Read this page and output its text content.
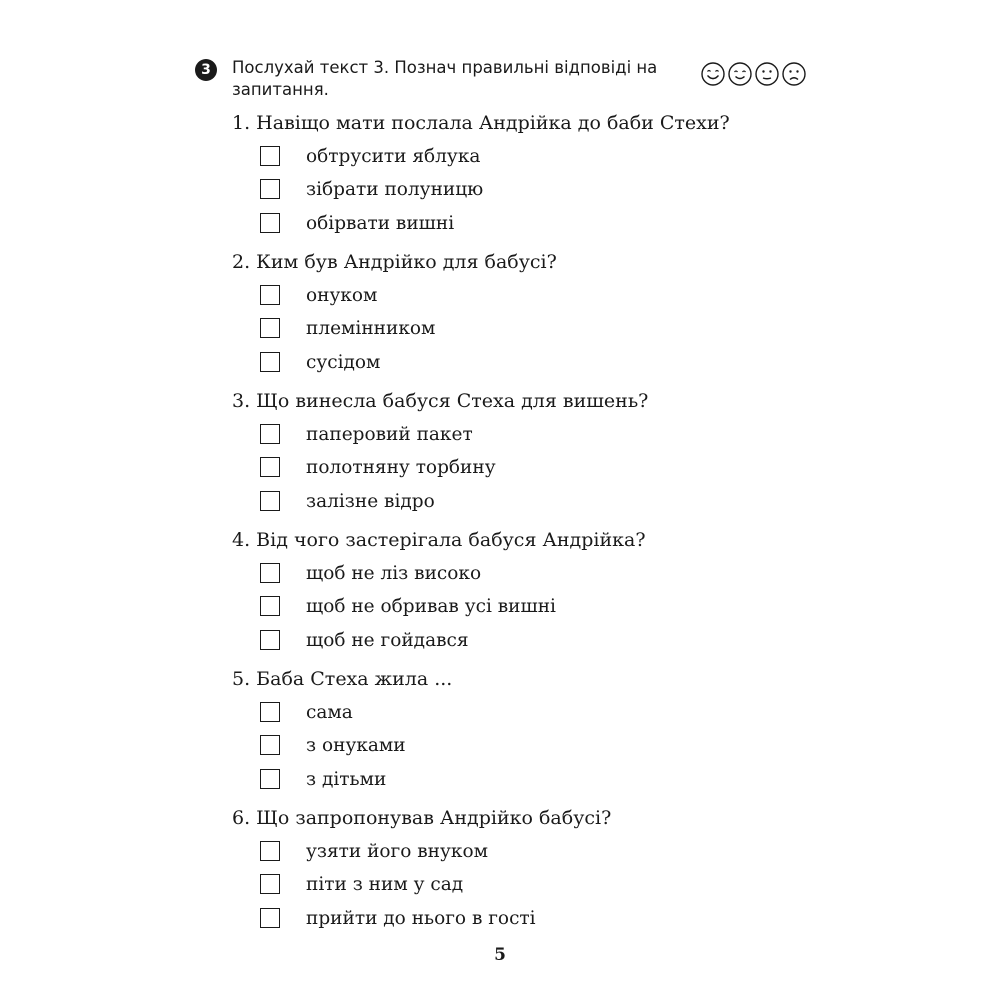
3	Послухай текст 3. Познач правильні відповіді на запитання.
1. Навіщо мати послала Андрійка до баби Стехи?
обтрусити яблука
зібрати полуницю
обірвати вишні
2. Ким був Андрійко для бабусі?
онуком
племінником
сусідом
3. Що винесла бабуся Стеха для вишень?
паперовий пакет
полотняну торбину
залізне відро
4. Від чого застерігала бабуся Андрійка?
щоб не ліз високо
щоб не обривав усі вишні
щоб не гойдався
5. Баба Стеха жила ...
сама
з онуками
з дітьми
6. Що запропонував Андрійко бабусі?
узяти його внуком
піти з ним у сад
прийти до нього в гості
5
